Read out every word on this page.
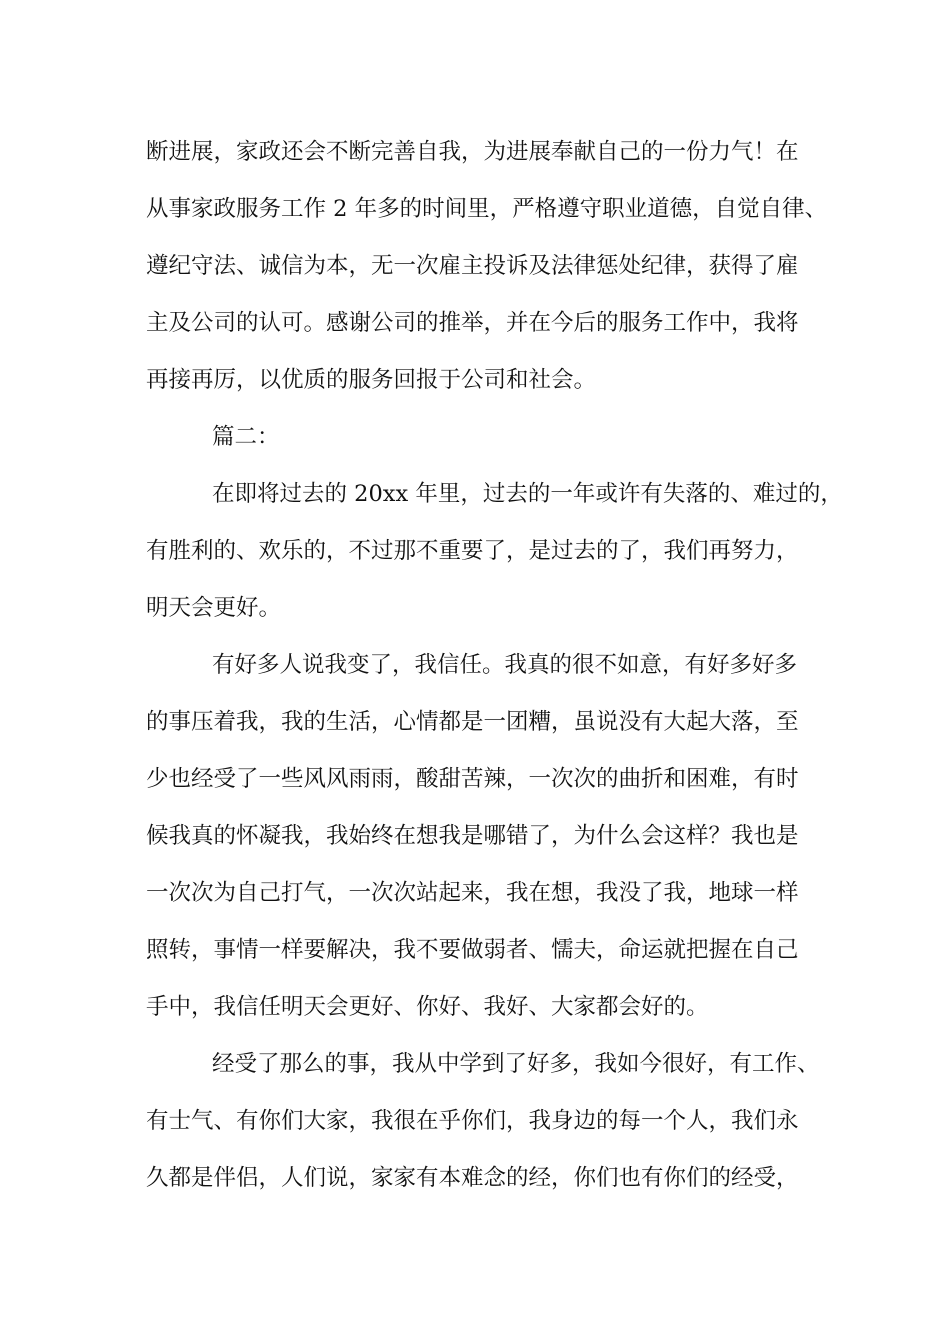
断进展，家政还会不断完善自我，为进展奉献自己的一份力气！在
从事家政服务工作 2 年多的时间里，严格遵守职业道德，自觉自律、
遵纪守法、诚信为本，无一次雇主投诉及法律惩处纪律，获得了雇
主及公司的认可。感谢公司的推举，并在今后的服务工作中，我将
再接再厉，以优质的服务回报于公司和社会。
篇二：
在即将过去的 20xx 年里，过去的一年或许有失落的、难过的，
有胜利的、欢乐的，不过那不重要了，是过去的了，我们再努力，
明天会更好。
有好多人说我变了，我信任。我真的很不如意，有好多好多
的事压着我，我的生活，心情都是一团糟，虽说没有大起大落，至
少也经受了一些风风雨雨，酸甜苦辣，一次次的曲折和困难，有时
候我真的怀凝我，我始终在想我是哪错了，为什么会这样？我也是
一次次为自己打气，一次次站起来，我在想，我没了我，地球一样
照转，事情一样要解决，我不要做弱者、懦夫，命运就把握在自己
手中，我信任明天会更好、你好、我好、大家都会好的。
经受了那么的事，我从中学到了好多，我如今很好，有工作、
有士气、有你们大家，我很在乎你们，我身边的每一个人，我们永
久都是伴侣，人们说，家家有本难念的经，你们也有你们的经受，
